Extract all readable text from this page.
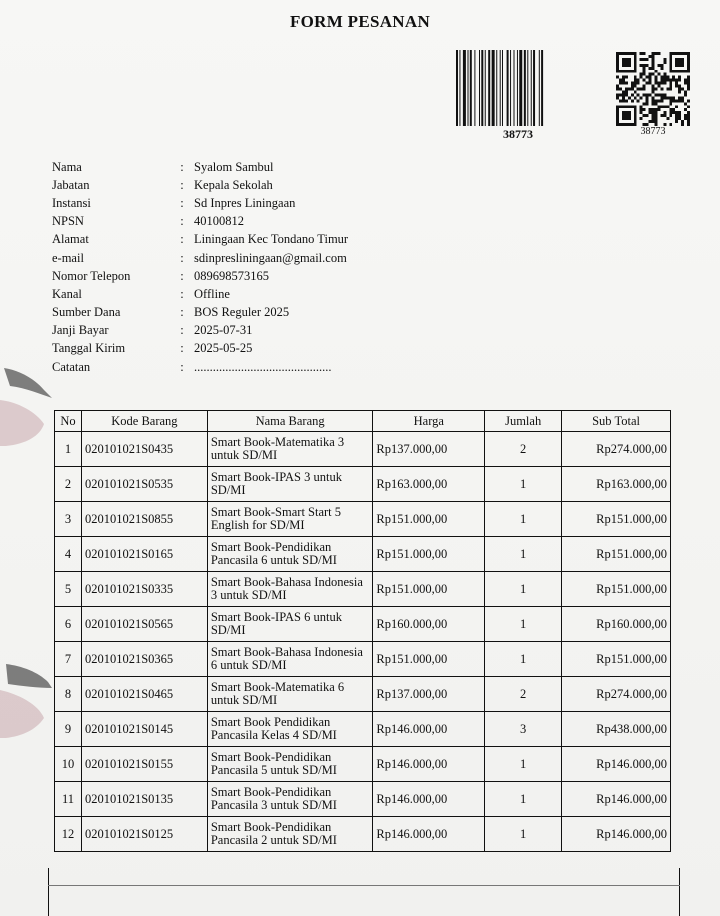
FORM PESANAN
38773	38773
Nama	: Syalom Sambul
Jabatan	: Kepala Sekolah
Instansi	: Sd Inpres Liningaan
NPSN	: 40100812
Alamat	: Liningaan Kec Tondano Timur
e-mail	: sdinpresliningaan@gmail.com
Nomor Telepon	: 089698573165
Kanal	: Offline
Sumber Dana	: BOS Reguler 2025
Janji Bayar	: 2025-07-31
Tanggal Kirim	: 2025-05-25
Catatan	: ............................................
No	Kode Barang	Nama Barang	Harga	Jumlah	Sub Total
1	020101021S0435	Smart Book-Matematika 3 untuk SD/MI	Rp137.000,00	2	Rp274.000,00
2	020101021S0535	Smart Book-IPAS 3 untuk SD/MI	Rp163.000,00	1	Rp163.000,00
3	020101021S0855	Smart Book-Smart Start 5 English for SD/MI	Rp151.000,00	1	Rp151.000,00
4	020101021S0165	Smart Book-Pendidikan Pancasila 6 untuk SD/MI	Rp151.000,00	1	Rp151.000,00
5	020101021S0335	Smart Book-Bahasa Indonesia 3 untuk SD/MI	Rp151.000,00	1	Rp151.000,00
6	020101021S0565	Smart Book-IPAS 6 untuk SD/MI	Rp160.000,00	1	Rp160.000,00
7	020101021S0365	Smart Book-Bahasa Indonesia 6 untuk SD/MI	Rp151.000,00	1	Rp151.000,00
8	020101021S0465	Smart Book-Matematika 6 untuk SD/MI	Rp137.000,00	2	Rp274.000,00
9	020101021S0145	Smart Book Pendidikan Pancasila Kelas 4 SD/MI	Rp146.000,00	3	Rp438.000,00
10	020101021S0155	Smart Book-Pendidikan Pancasila 5 untuk SD/MI	Rp146.000,00	1	Rp146.000,00
11	020101021S0135	Smart Book-Pendidikan Pancasila 3 untuk SD/MI	Rp146.000,00	1	Rp146.000,00
12	020101021S0125	Smart Book-Pendidikan Pancasila 2 untuk SD/MI	Rp146.000,00	1	Rp146.000,00
